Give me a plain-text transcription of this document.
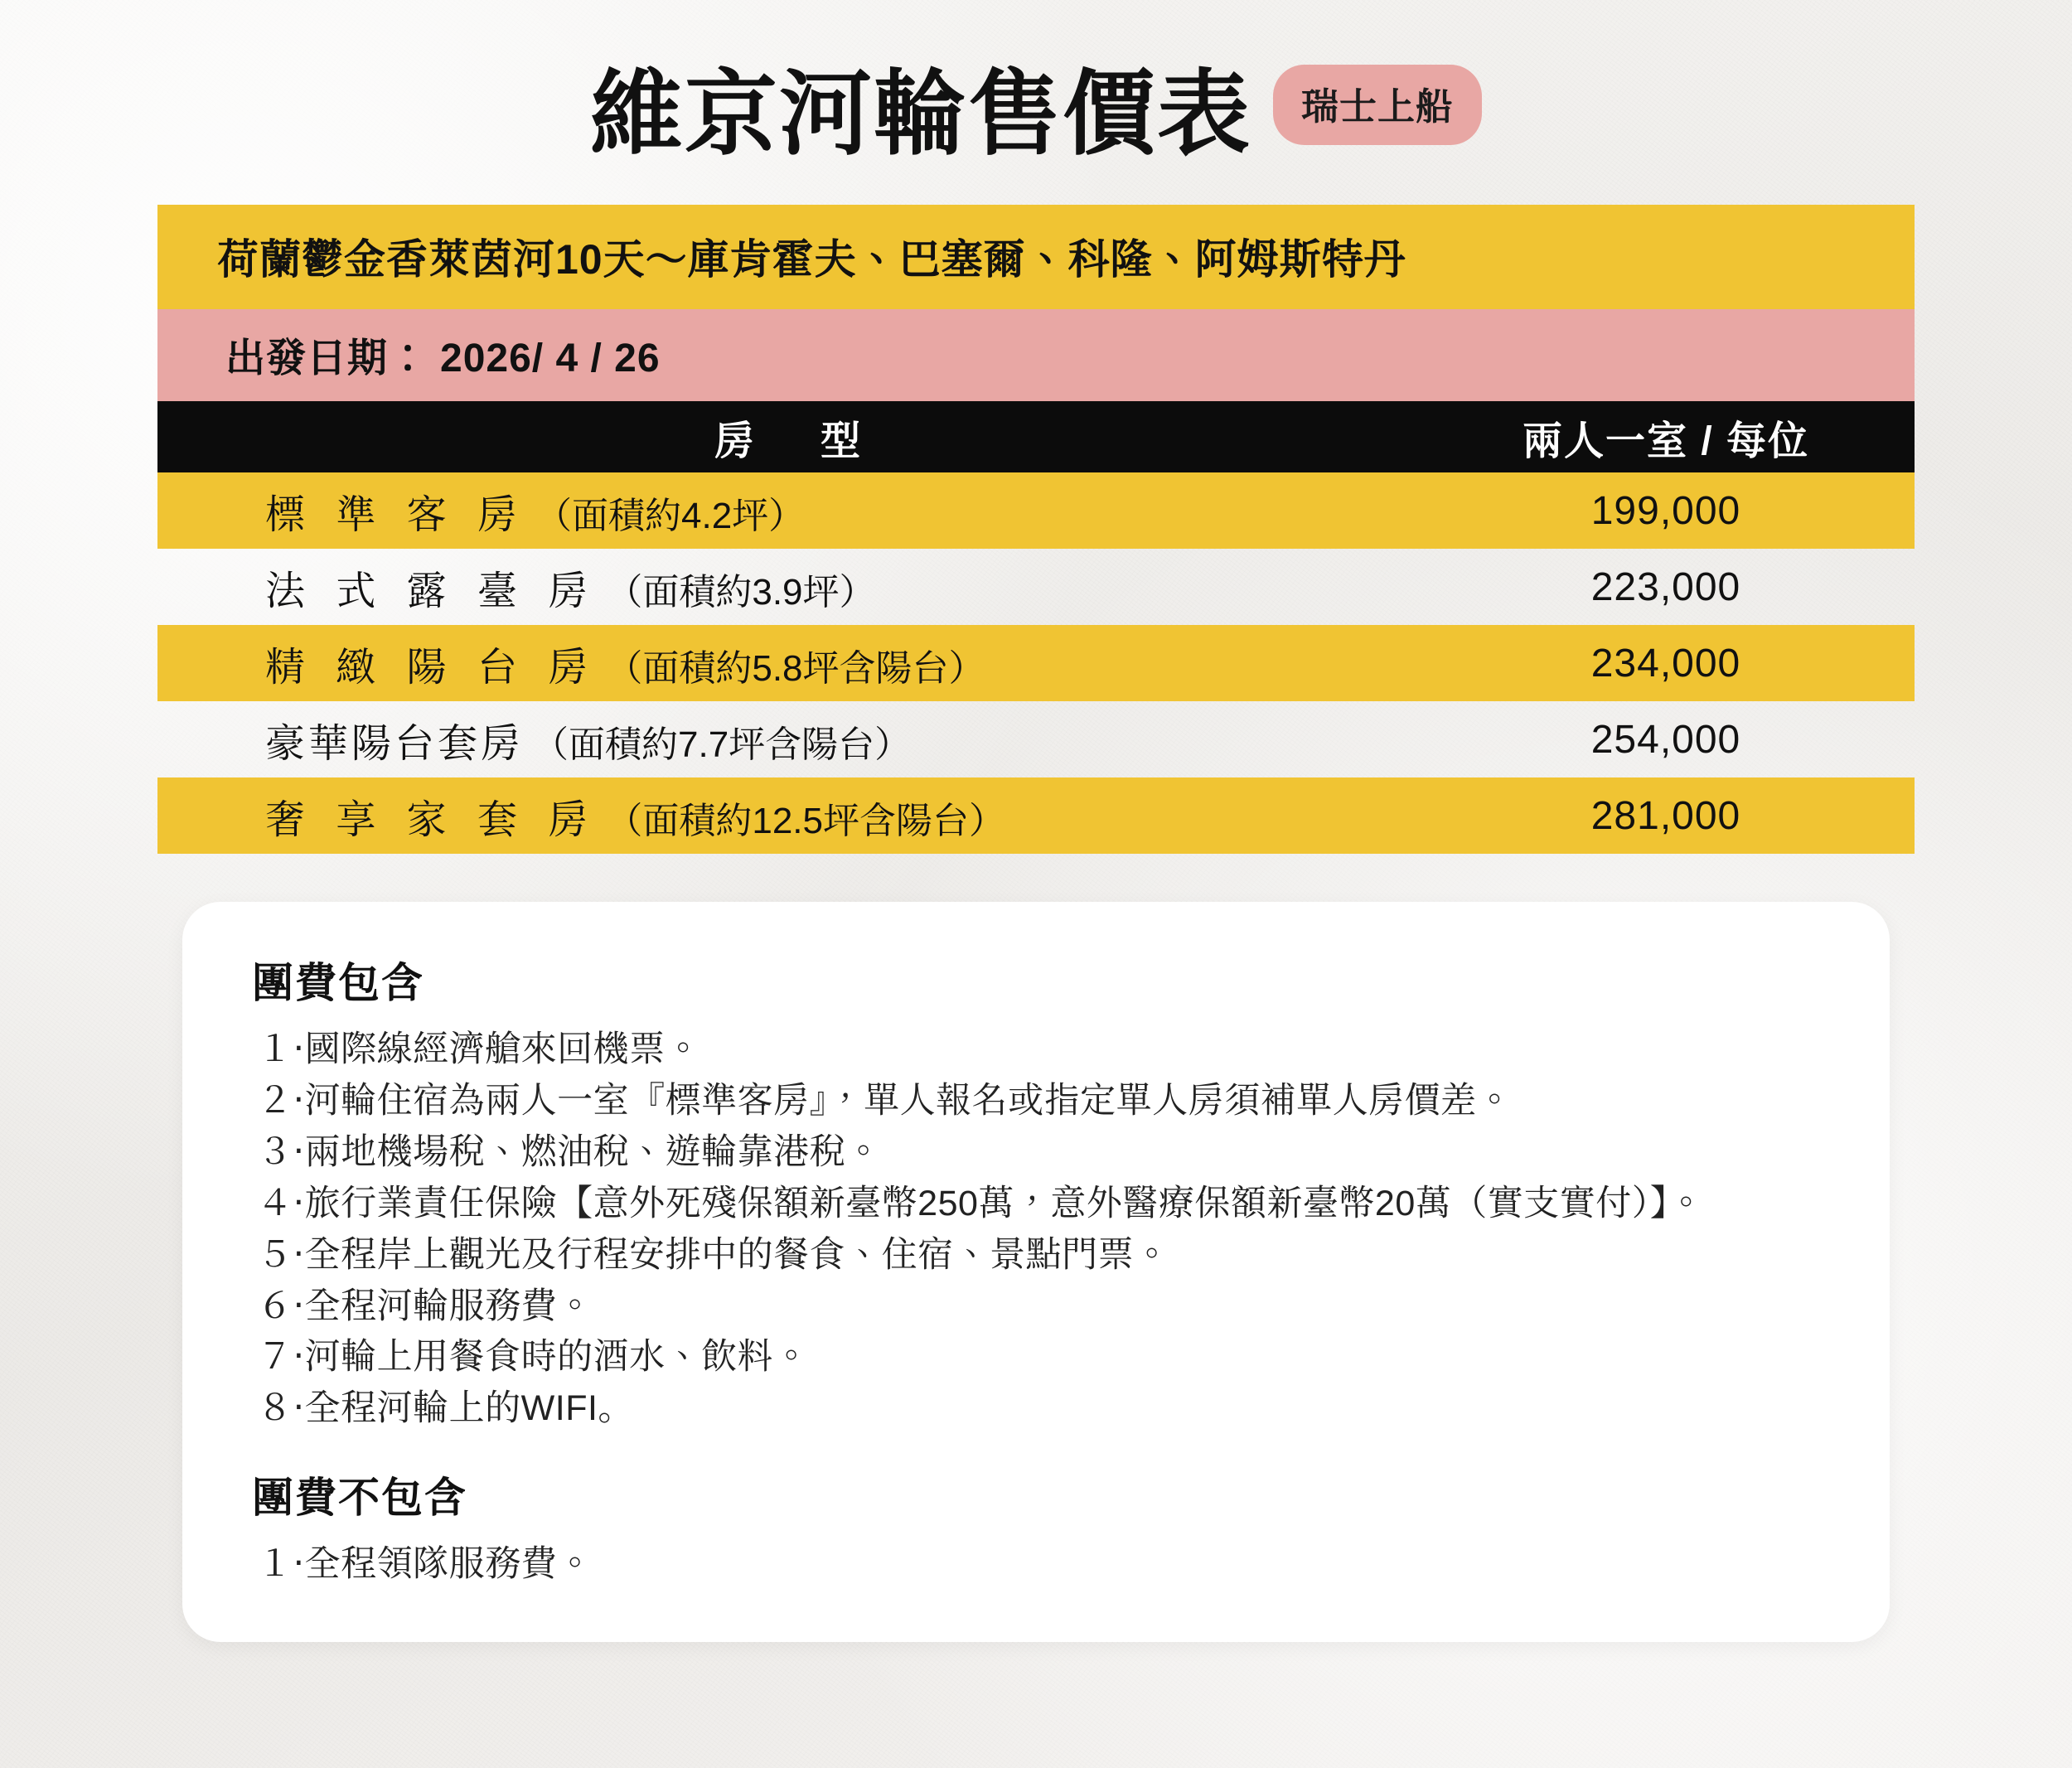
維京河輪售價表	瑞士上船
荷蘭鬱金香萊茵河10天～庫肯霍夫、巴塞爾、科隆、阿姆斯特丹
出發日期： 2026/ 4 / 26
房　型	兩人一室 / 每位
標 準 客 房 （面積約4.2坪）	199,000
法 式 露 臺 房 （面積約3.9坪）	223,000
精 緻 陽 台 房 （面積約5.8坪含陽台）	234,000
豪華陽台套房 （面積約7.7坪含陽台）	254,000
奢 享 家 套 房 （面積約12.5坪含陽台）	281,000
團費包含
１‧國際線經濟艙來回機票。
２‧河輪住宿為兩人一室『標準客房』，單人報名或指定單人房須補單人房價差。
３‧兩地機場稅、燃油稅、遊輪靠港稅。
４‧旅行業責任保險【意外死殘保額新臺幣250萬，意外醫療保額新臺幣20萬（實支實付）】。
５‧全程岸上觀光及行程安排中的餐食、住宿、景點門票。
６‧全程河輪服務費。
７‧河輪上用餐食時的酒水、飲料。
８‧全程河輪上的WIFI。
團費不包含
１‧全程領隊服務費。
